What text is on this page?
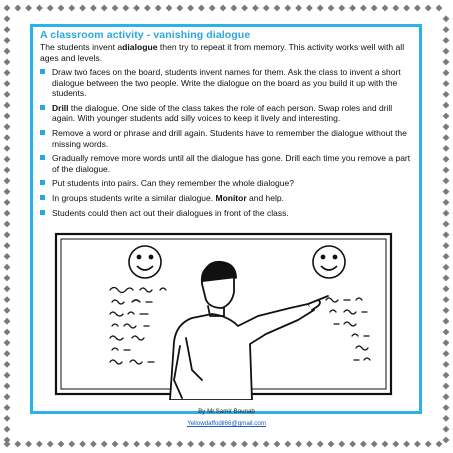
A classroom activity - vanishing dialogue
The students invent adialogue then try to repeat it from memory. This activity works well with all ages and levels.
Draw two faces on the board, students invent names for them. Ask the class to invent a short dialogue between the two people. Write the dialogue on the board as you build it up with the students.
Drill the dialogue. One side of the class takes the role of each person. Swap roles and drill again. With younger students add silly voices to keep it lively and interesting.
Remove a word or phrase and drill again. Students have to remember the dialogue without the missing words.
Gradually remove more words until all the dialogue has gone. Drill each time you remove a part of the dialogue.
Put students into pairs. Can they remember the whole dialogue?
In groups students write a similar dialogue. Monitor and help.
Students could then act out their dialogues in front of the class.
By Mr.Samir Bounab
Yellowdaffodil66@gmail.com
